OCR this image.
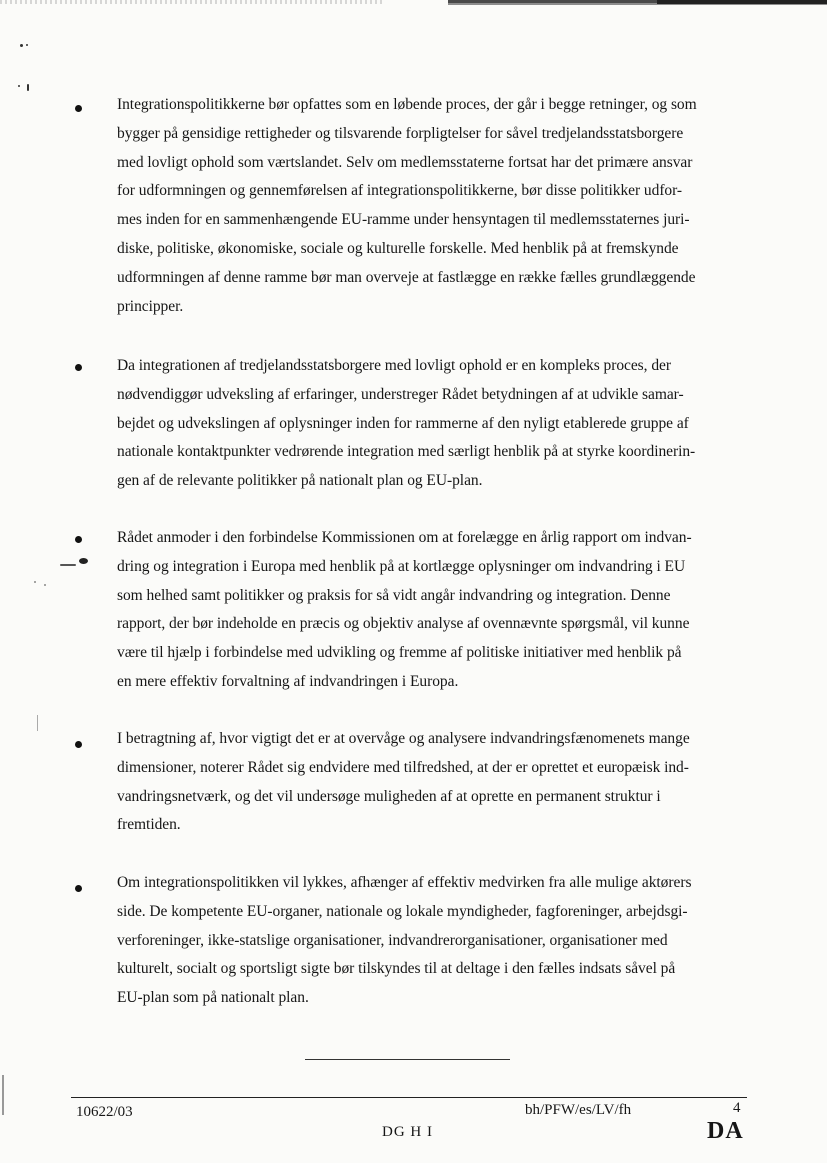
Integrationspolitikkerne bør opfattes som en løbende proces, der går i begge retninger, og som
bygger på gensidige rettigheder og tilsvarende forpligtelser for såvel tredjelandsstatsborgere
med lovligt ophold som værtslandet. Selv om medlemsstaterne fortsat har det primære ansvar
for udformningen og gennemførelsen af integrationspolitikkerne, bør disse politikker udfor-
mes inden for en sammenhængende EU-ramme under hensyntagen til medlemsstaternes juri-
diske, politiske, økonomiske, sociale og kulturelle forskelle. Med henblik på at fremskynde
udformningen af denne ramme bør man overveje at fastlægge en række fælles grundlæggende
principper.
Da integrationen af tredjelandsstatsborgere med lovligt ophold er en kompleks proces, der
nødvendiggør udveksling af erfaringer, understreger Rådet betydningen af at udvikle samar-
bejdet og udvekslingen af oplysninger inden for rammerne af den nyligt etablerede gruppe af
nationale kontaktpunkter vedrørende integration med særligt henblik på at styrke koordinerin-
gen af de relevante politikker på nationalt plan og EU-plan.
Rådet anmoder i den forbindelse Kommissionen om at forelægge en årlig rapport om indvan-
dring og integration i Europa med henblik på at kortlægge oplysninger om indvandring i EU
som helhed samt politikker og praksis for så vidt angår indvandring og integration. Denne
rapport, der bør indeholde en præcis og objektiv analyse af ovennævnte spørgsmål, vil kunne
være til hjælp i forbindelse med udvikling og fremme af politiske initiativer med henblik på
en mere effektiv forvaltning af indvandringen i Europa.
I betragtning af, hvor vigtigt det er at overvåge og analysere indvandringsfænomenets mange
dimensioner, noterer Rådet sig endvidere med tilfredshed, at der er oprettet et europæisk ind-
vandringsnetværk, og det vil undersøge muligheden af at oprette en permanent struktur i
fremtiden.
Om integrationspolitikken vil lykkes, afhænger af effektiv medvirken fra alle mulige aktørers
side. De kompetente EU-organer, nationale og lokale myndigheder, fagforeninger, arbejdsgi-
verforeninger, ikke-statslige organisationer, indvandrerorganisationer, organisationer med
kulturelt, socialt og sportsligt sigte bør tilskyndes til at deltage i den fælles indsats såvel på
EU-plan som på nationalt plan.
10622/03
DG H I
bh/PFW/es/LV/fh	4
DA
